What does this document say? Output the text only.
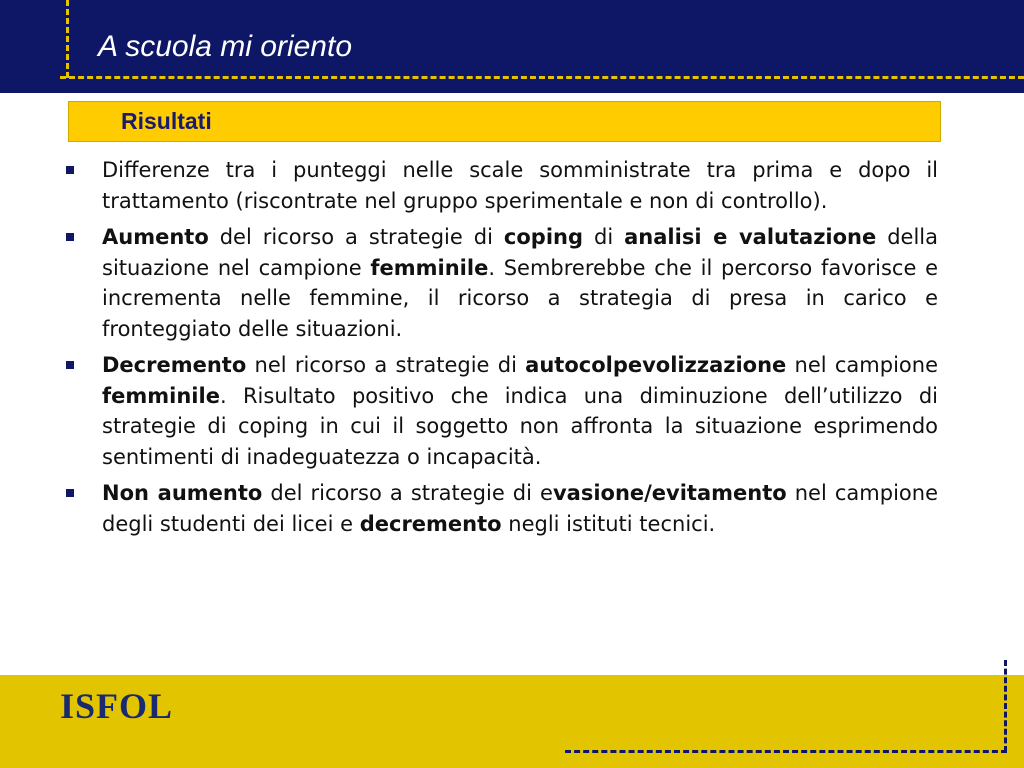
A scuola mi oriento
Risultati
Differenze tra i punteggi nelle scale somministrate tra prima e dopo il trattamento (riscontrate nel gruppo sperimentale e non di controllo).
Aumento del ricorso a strategie di coping di analisi e valutazione della situazione nel campione femminile. Sembrerebbe che il percorso favorisce e incrementa nelle femmine, il ricorso a strategia di presa in carico e fronteggiato delle situazioni.
Decremento nel ricorso a strategie di autocolpevolizzazione nel campione femminile. Risultato positivo che indica una diminuzione dell’utilizzo di strategie di coping in cui il soggetto non affronta la situazione esprimendo sentimenti di inadeguatezza o incapacità.
Non aumento del ricorso a strategie di evasione/evitamento nel campione degli studenti dei licei e decremento negli istituti tecnici.
ISFOL
